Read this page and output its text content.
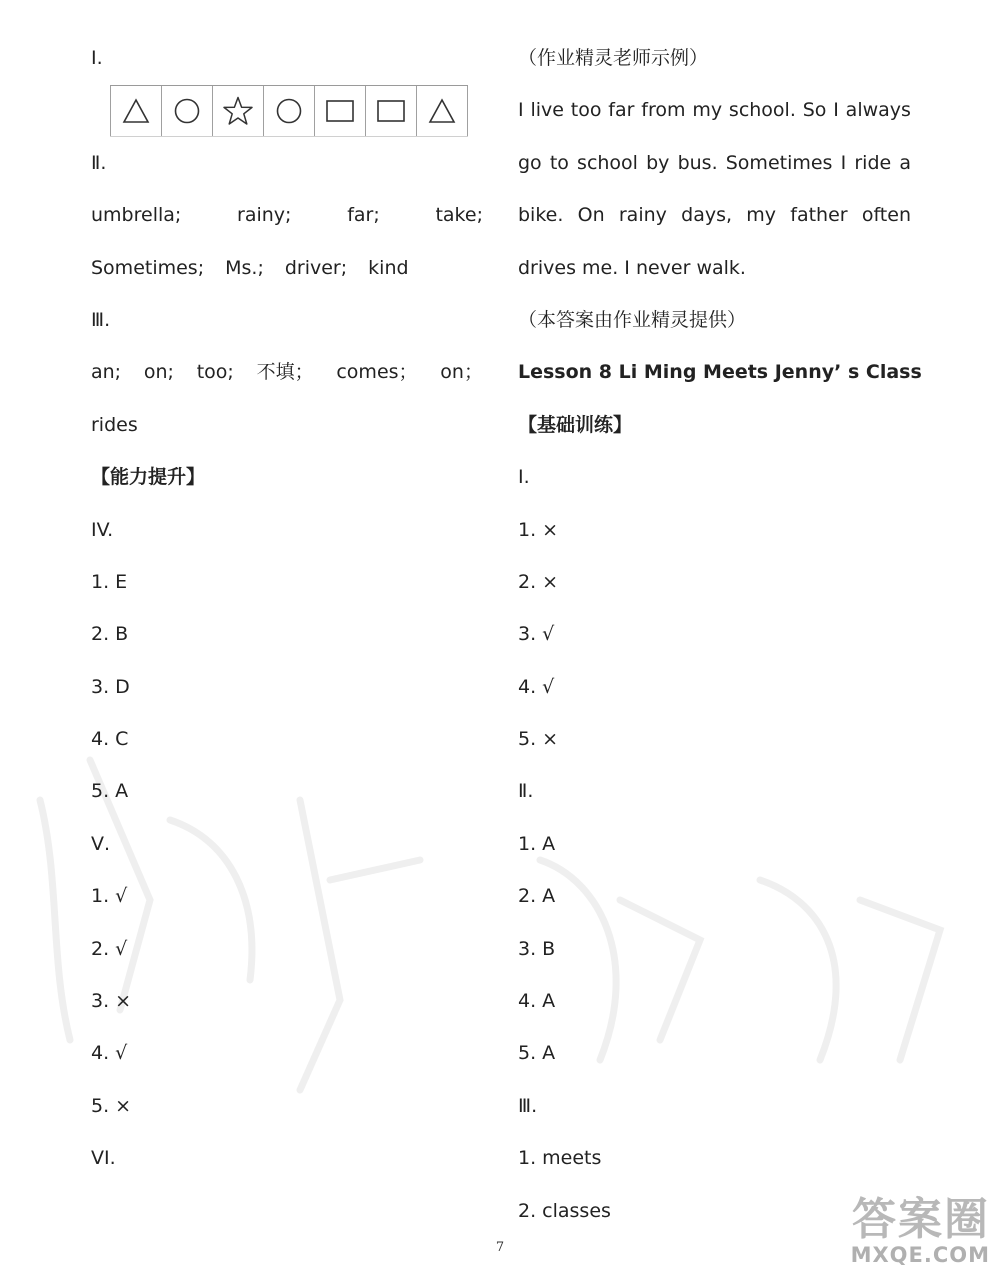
Ⅰ.
Ⅱ.
umbrella;	rainy;	far;	take;
Sometimes; Ms.; driver; kind
Ⅲ.
an; on; too; 不填； comes； on；
rides
【能力提升】
IV.
1. E
2. B
3. D
4. C
5. A
Ⅴ.
1. √
2. √
3. ×
4. √
5. ×
VI.
（作业精灵老师示例）
I live too far from my school. So I always
go to school by bus. Sometimes I ride a
bike. On rainy days, my father often
drives me. I never walk.
（本答案由作业精灵提供）
Lesson 8 Li Ming Meets Jenny’ s Class
【基础训练】
Ⅰ.
1. ×
2. ×
3. √
4. √
5. ×
Ⅱ.
1. A
2. A
3. B
4. A
5. A
Ⅲ.
1. meets
2. classes
7
答案圈
MXQE.COM
